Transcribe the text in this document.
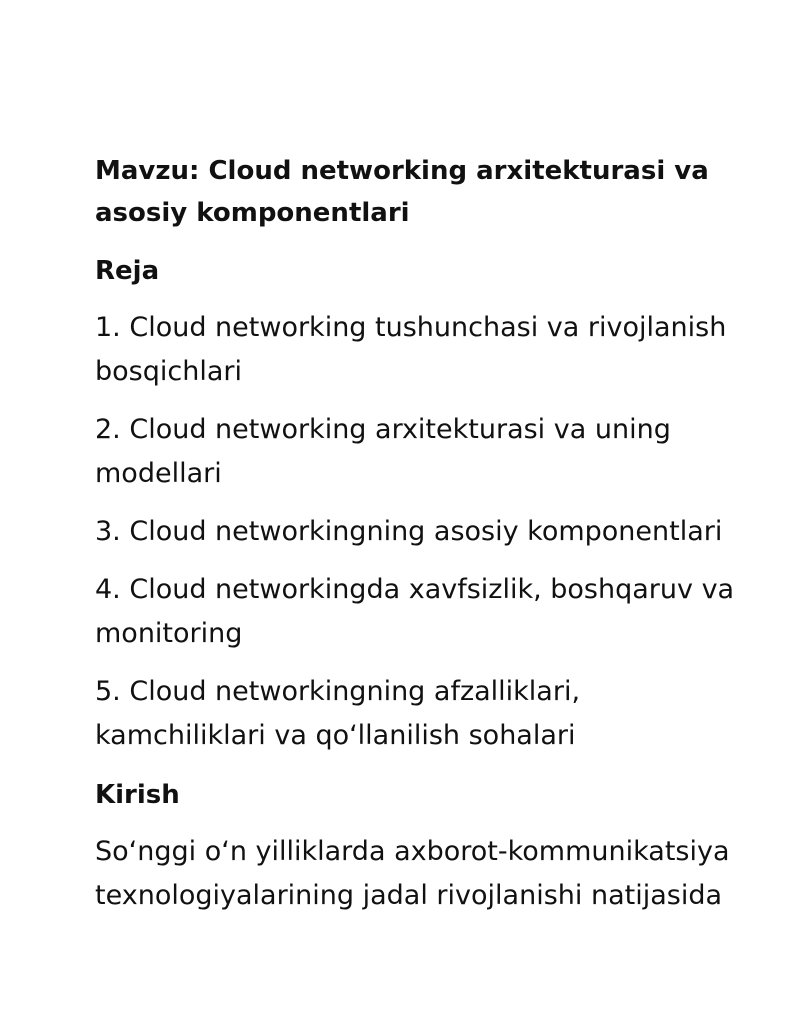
Mavzu: Cloud networking arxitekturasi va
asosiy komponentlari
Reja
1. Cloud networking tushunchasi va rivojlanish
bosqichlari
2. Cloud networking arxitekturasi va uning
modellari
3. Cloud networkingning asosiy komponentlari
4. Cloud networkingda xavfsizlik, boshqaruv va
monitoring
5. Cloud networkingning afzalliklari,
kamchiliklari va qo‘llanilish sohalari
Kirish

So‘nggi o‘n yilliklarda axborot-kommunikatsiya
texnologiyalarining jadal rivojlanishi natijasida
